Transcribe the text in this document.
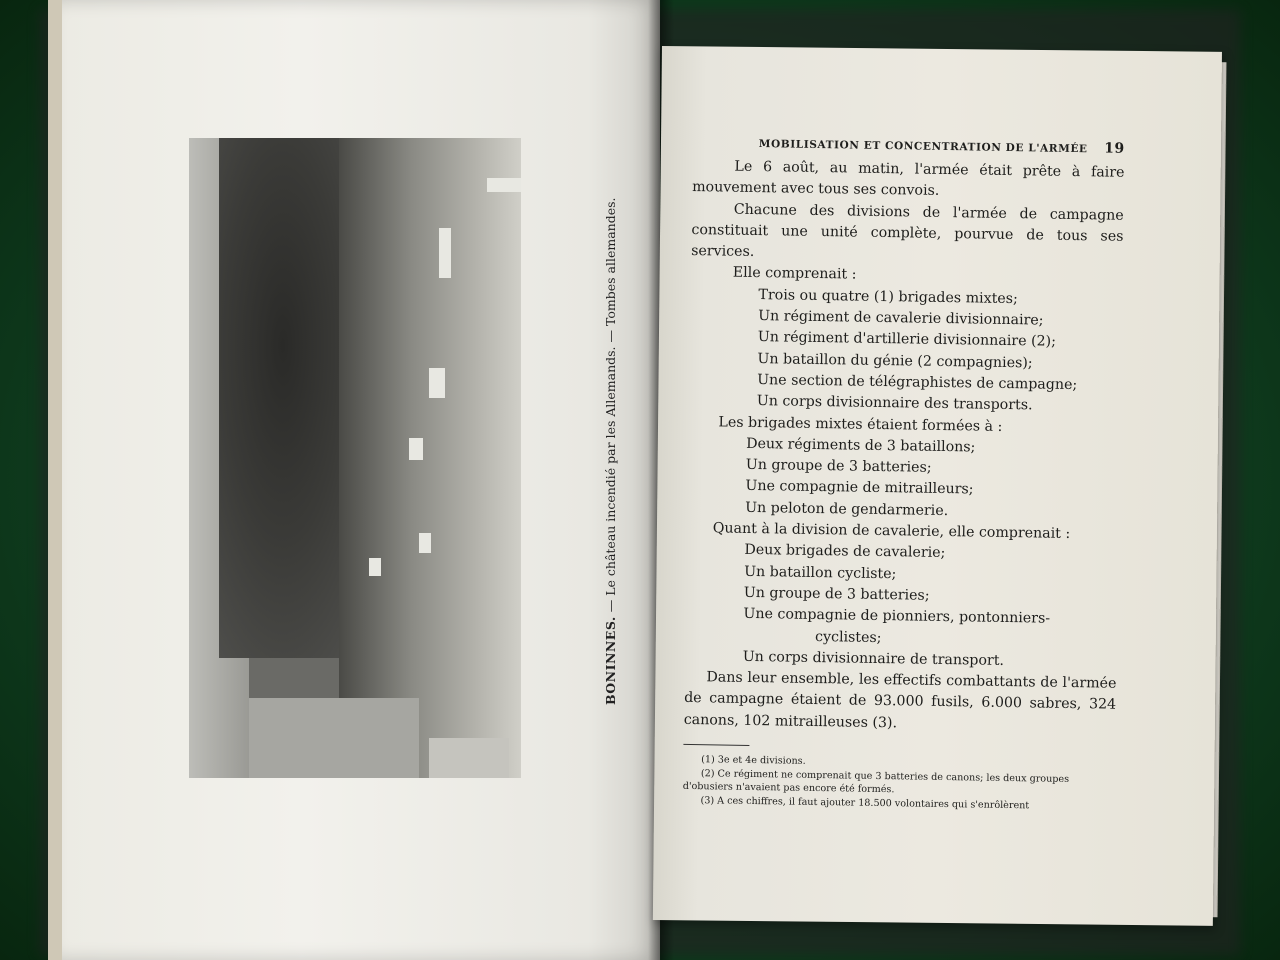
BONINNES. — Le château incendié par les Allemands. — Tombes allemandes.
MOBILISATION ET CONCENTRATION DE L'ARMÉE 19
Le 6 août, au matin, l'armée était prête à faire mouvement avec tous ses convois.
Chacune des divisions de l'armée de campagne constituait une unité complète, pourvue de tous ses services.
Elle comprenait :
Trois ou quatre (1) brigades mixtes;
Un régiment de cavalerie divisionnaire;
Un régiment d'artillerie divisionnaire (2);
Un bataillon du génie (2 compagnies);
Une section de télégraphistes de campagne;
Un corps divisionnaire des transports.
Les brigades mixtes étaient formées à :
Deux régiments de 3 bataillons;
Un groupe de 3 batteries;
Une compagnie de mitrailleurs;
Un peloton de gendarmerie.
Quant à la division de cavalerie, elle comprenait :
Deux brigades de cavalerie;
Un bataillon cycliste;
Un groupe de 3 batteries;
Une compagnie de pionniers, pontonniers-
cyclistes;
Un corps divisionnaire de transport.
Dans leur ensemble, les effectifs combattants de l'armée de campagne étaient de 93.000 fusils, 6.000 sabres, 324 canons, 102 mitrailleuses (3).
(1) 3e et 4e divisions.
(2) Ce régiment ne comprenait que 3 batteries de canons; les deux groupes d'obusiers n'avaient pas encore été formés.
(3) A ces chiffres, il faut ajouter 18.500 volontaires qui s'enrôlèrent
